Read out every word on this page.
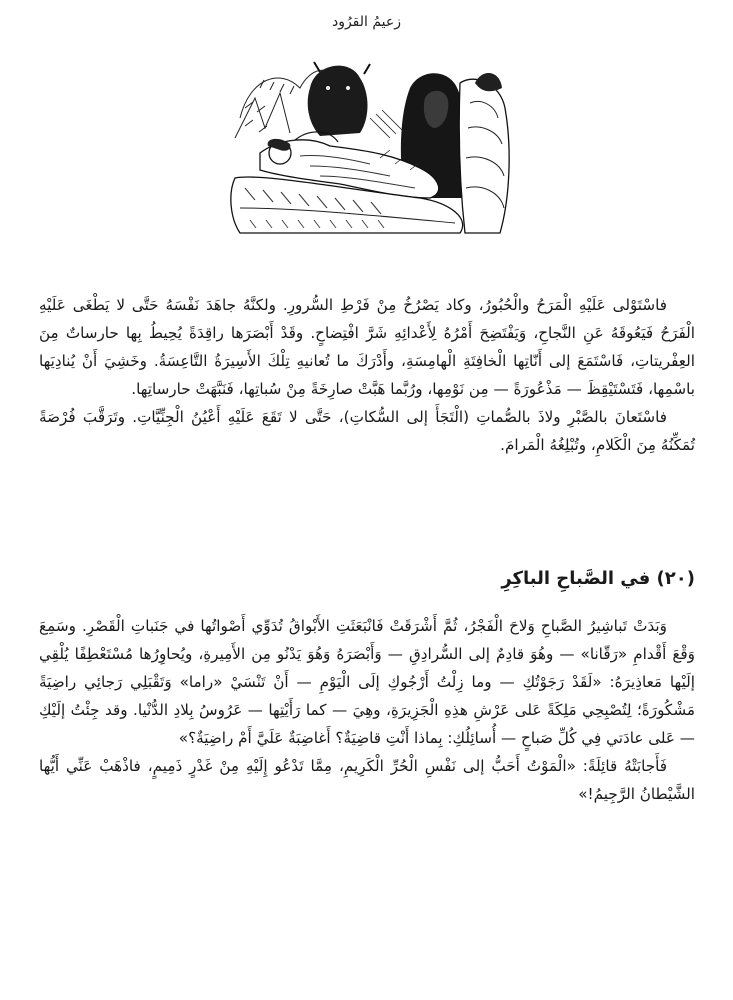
زعيمُ القرُود

فاسْتَوْلى عَلَيْهِ الْمَرَحُ والْحُبُورُ، وكاد يَصْرُخُ مِنْ فَرْطِ السُّرورِ. ولكنَّهُ جاهَدَ نَفْسَهُ حَتَّى لا يَطْغَى عَلَيْهِ الْفَرَحُ فَيَعُوقَهُ عَنِ النَّجاحِ، وَيَفْتَضِحَ أَمْرُهُ لِأَعْدائِهِ شَرَّ افْتِضاحٍ. وقَدْ أَبْصَرَها راقِدَةً يُحِيطُ بِها حارساتٌ مِنَ العِفْريتاتِ، فَاسْتَمَعَ إلى أَنّاتِها الْخافِتَةِ الْهامِسَةِ، وأَدْرَكَ ما تُعانيهِ تِلْكَ الأَسِيرَةُ التَّاعِسَةُ. وخَشِيَ أَنْ يُنادِيَها باسْمِها، فَتَسْتَيْقِظَ — مَذْعُورَةً — مِن نَوْمِها، ورُبَّما هَبَّتْ صارِخَةً مِنْ سُباتِها، فَنَبَّهَتْ حارساتِها.

فاسْتَعانَ بالصَّبْرِ ولاذَ بالصُّماتِ (الْتَجَأَ إلى السُّكاتِ)، حَتَّى لا تَقَعَ عَلَيْهِ أَعْيُنُ الْجِنِّيَّاتِ. وتَرَقَّبَ فُرْصَةً تُمَكِّنُهُ مِنَ الْكَلامِ، وتُبْلِغُهُ الْمَرامَ.

(٢٠) في الصَّباحِ الباكِرِ

وَبَدَتْ تَباشِيرُ الصَّباحِ وَلاحَ الْفَجْرُ، ثُمَّ أَشْرَقَتْ فَانْبَعَثَتِ الأَبْواقُ تُدَوِّي أَصْواتُها في جَنَباتِ الْقَصْرِ. وسَمِعَ وَقْعَ أَقْدامِ «رَقّانا» — وهُوَ قادِمٌ إلى السُّرادِقِ — وَأَبْصَرَهُ وَهُوَ يَدْنُو مِن الأَمِيرةِ، ويُحاوِرُها مُسْتَعْطِفًا يُلْقِي إلَيْها مَعاذِيرَهُ: «لَقَدْ رَجَوْتُكِ — وما زِلْتُ أَرْجُوكِ إلَى الْيَوْمِ — أَنْ تَنْسَيْ «راما» وَتَقْبَلِي رَجائِي راضِيَةً مَشْكُورَةً؛ لِتُصْبِحِي مَلِكَةً عَلى عَرْشِ هذِهِ الْجَزِيرَةِ، وهِيَ — كما رَأَيْتِها — عَرُوسُ بِلادِ الدُّنْيا. وقد جِئْتُ إلَيْكِ — عَلى عادَتي فِي كُلِّ صَباحٍ — أُسائِلُكِ: بِماذا أَنْتِ قاضِيَةٌ؟ أَغاضِبَةٌ عَلَيَّ أَمْ راضِيَةٌ؟»

فَأَجابَتْهُ قائِلَةً: «الْمَوْتُ أَحَبُّ إلى نَفْسِ الْحُرِّ الْكَرِيمِ، مِمَّا تَدْعُو إِلَيْهِ مِنْ غَدْرٍ ذَمِيمٍ، فاذْهَبْ عَنِّي أَيُّها الشَّيْطانُ الرَّجِيمُ!»
